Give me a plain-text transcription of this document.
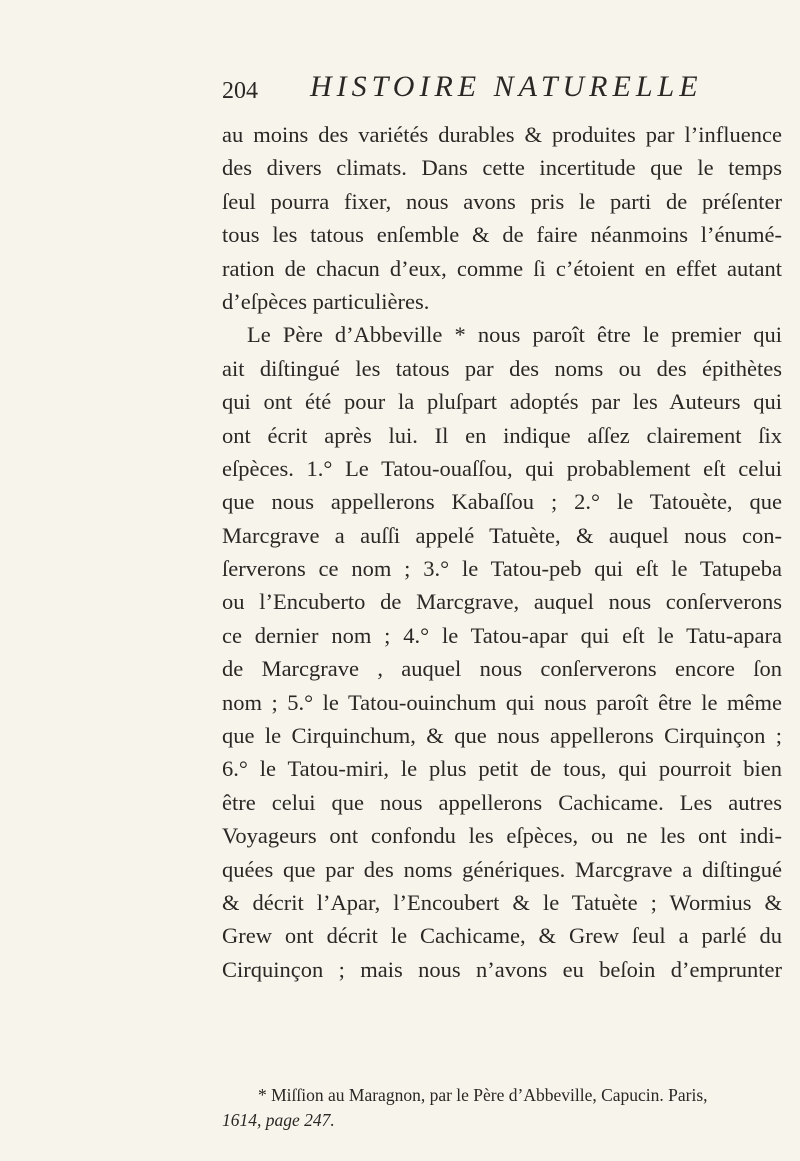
204 HISTOIRE NATURELLE
au moins des variétés durables & produites par l’influence
des divers climats. Dans cette incertitude que le temps
ſeul pourra fixer, nous avons pris le parti de préſenter
tous les tatous enſemble & de faire néanmoins l’énumé-
ration de chacun d’eux, comme ſi c’étoient en effet autant
d’eſpèces particulières.
Le Père d’Abbeville * nous paroît être le premier qui
ait diſtingué les tatous par des noms ou des épithètes
qui ont été pour la pluſpart adoptés par les Auteurs qui
ont écrit après lui. Il en indique aſſez clairement ſix
eſpèces. 1.° Le Tatou-ouaſſou, qui probablement eſt celui
que nous appellerons Kabaſſou ; 2.° le Tatouète, que
Marcgrave a auſſi appelé Tatuète, & auquel nous con-
ſerverons ce nom ; 3.° le Tatou-peb qui eſt le Tatupeba
ou l’Encuberto de Marcgrave, auquel nous conſerverons
ce dernier nom ; 4.° le Tatou-apar qui eſt le Tatu-apara
de Marcgrave , auquel nous conſerverons encore ſon
nom ; 5.° le Tatou-ouinchum qui nous paroît être le même
que le Cirquinchum, & que nous appellerons Cirquinçon ;
6.° le Tatou-miri, le plus petit de tous, qui pourroit bien
être celui que nous appellerons Cachicame. Les autres
Voyageurs ont confondu les eſpèces, ou ne les ont indi-
quées que par des noms génériques. Marcgrave a diſtingué
& décrit l’Apar, l’Encoubert & le Tatuète ; Wormius &
Grew ont décrit le Cachicame, & Grew ſeul a parlé du
Cirquinçon ; mais nous n’avons eu beſoin d’emprunter
* Miſſion au Maragnon, par le Père d’Abbeville, Capucin. Paris,
1614, page 247.
